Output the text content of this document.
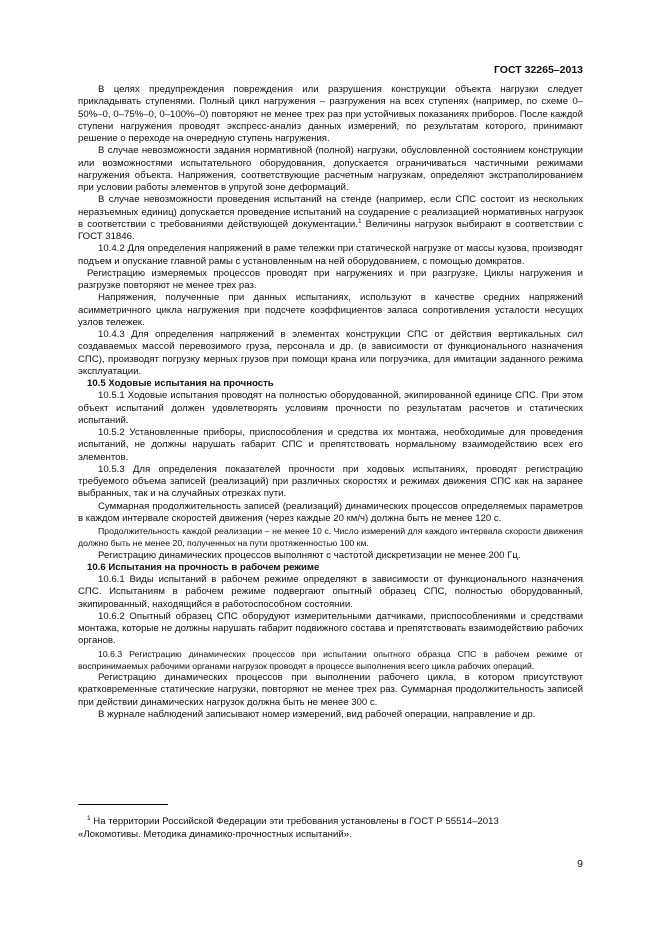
ГОСТ 32265–2013

В целях предупреждения повреждения или разрушения конструкции объекта нагрузки следует прикладывать ступенями. Полный цикл нагружения – разгружения на всех ступенях (например, по схеме 0–50%–0, 0–75%–0, 0–100%–0) повторяют не менее трех раз при устойчивых показаниях приборов. После каждой ступени нагружения проводят экспресс-анализ данных измерений, по результатам которого, принимают решение о переходе на очередную ступень нагружения.

В случае невозможности задания нормативной (полной) нагрузки, обусловленной состоянием конструкции или возможностями испытательного оборудования, допускается ограничиваться частичными режимами нагружения объекта. Напряжения, соответствующие расчетным нагрузкам, определяют экстраполированием при условии работы элементов в упругой зоне деформаций.

В случае невозможности проведения испытаний на стенде (например, если СПС состоит из нескольких неразъемных единиц) допускается проведение испытаний на соударение с реализацией нормативных нагрузок в соответствии с требованиями действующей документации.$^1$ Величины нагрузок выбирают в соответствии с ГОСТ 31846.

10.4.2 Для определения напряжений в раме тележки при статической нагрузке от массы кузова, производят подъем и опускание главной рамы с установленным на ней оборудованием, с помощью домкратов.

Регистрацию измеряемых процессов проводят при нагружениях и при разгрузке. Циклы нагружения и разгрузке повторяют не менее трех раз.

Напряжения, полученные при данных испытаниях, используют в качестве средних напряжений асимметричного цикла нагружения при подсчете коэффициентов запаса сопротивления усталости несущих узлов тележек.

10.4.3 Для определения напряжений в элементах конструкции СПС от действия вертикальных сил создаваемых массой перевозимого груза, персонала и др. (в зависимости от функционального назначения СПС), производят погрузку мерных грузов при помощи крана или погрузчика, для имитации заданного режима эксплуатации.

10.5 Ходовые испытания на прочность

10.5.1 Ходовые испытания проводят на полностью оборудованной, экипированной единице СПС. При этом объект испытаний должен удовлетворять условиям прочности по результатам расчетов и статических испытаний.

10.5.2 Установленные приборы, приспособления и средства их монтажа, необходимые для проведения испытаний, не должны нарушать габарит СПС и препятствовать нормальному взаимодействию всех его элементов.

10.5.3 Для определения показателей прочности при ходовых испытаниях, проводят регистрацию требуемого объема записей (реализаций) при различных скоростях и режимах движения СПС как на заранее выбранных, так и на случайных отрезках пути.

Суммарная продолжительность записей (реализаций) динамических процессов определяемых параметров в каждом интервале скоростей движения (через каждые 20 км/ч) должна быть не менее 120 с.

Продолжительность каждой реализации – не менее 10 с. Число измерений для каждого интервала скорости движения должно быть не менее 20, полученных на пути протяженностью 100 км.

Регистрацию динамических процессов выполняют с частотой дискретизации не менее 200 Гц.

10.6 Испытания на прочность в рабочем режиме

10.6.1 Виды испытаний в рабочем режиме определяют в зависимости от функционального назначения СПС. Испытаниям в рабочем режиме подвергают опытный образец СПС, полностью оборудованный, экипированный, находящийся в работоспособном состоянии.

10.6.2 Опытный образец СПС оборудуют измерительными датчиками, приспособлениями и средствами монтажа, которые не должны нарушать габарит подвижного состава и препятствовать взаимодействию рабочих органов.

10.6.3 Регистрацию динамических процессов при испытании опытного образца СПС в рабочем режиме от воспринимаемых рабочими органами нагрузок проводят в процессе выполнения всего цикла рабочих операций.

Регистрацию динамических процессов при выполнении рабочего цикла, в котором присутствуют кратковременные статические нагрузки, повторяют не менее трех раз. Суммарная продолжительность записей при действии динамических нагрузок должна быть не менее 300 с.

В журнале наблюдений записывают номер измерений, вид рабочей операции, направление и др.

$^1$ На территории Российской Федерации эти требования установлены в ГОСТ Р 55514–2013

«Локомотивы. Методика динамико-прочностных испытаний».

9
